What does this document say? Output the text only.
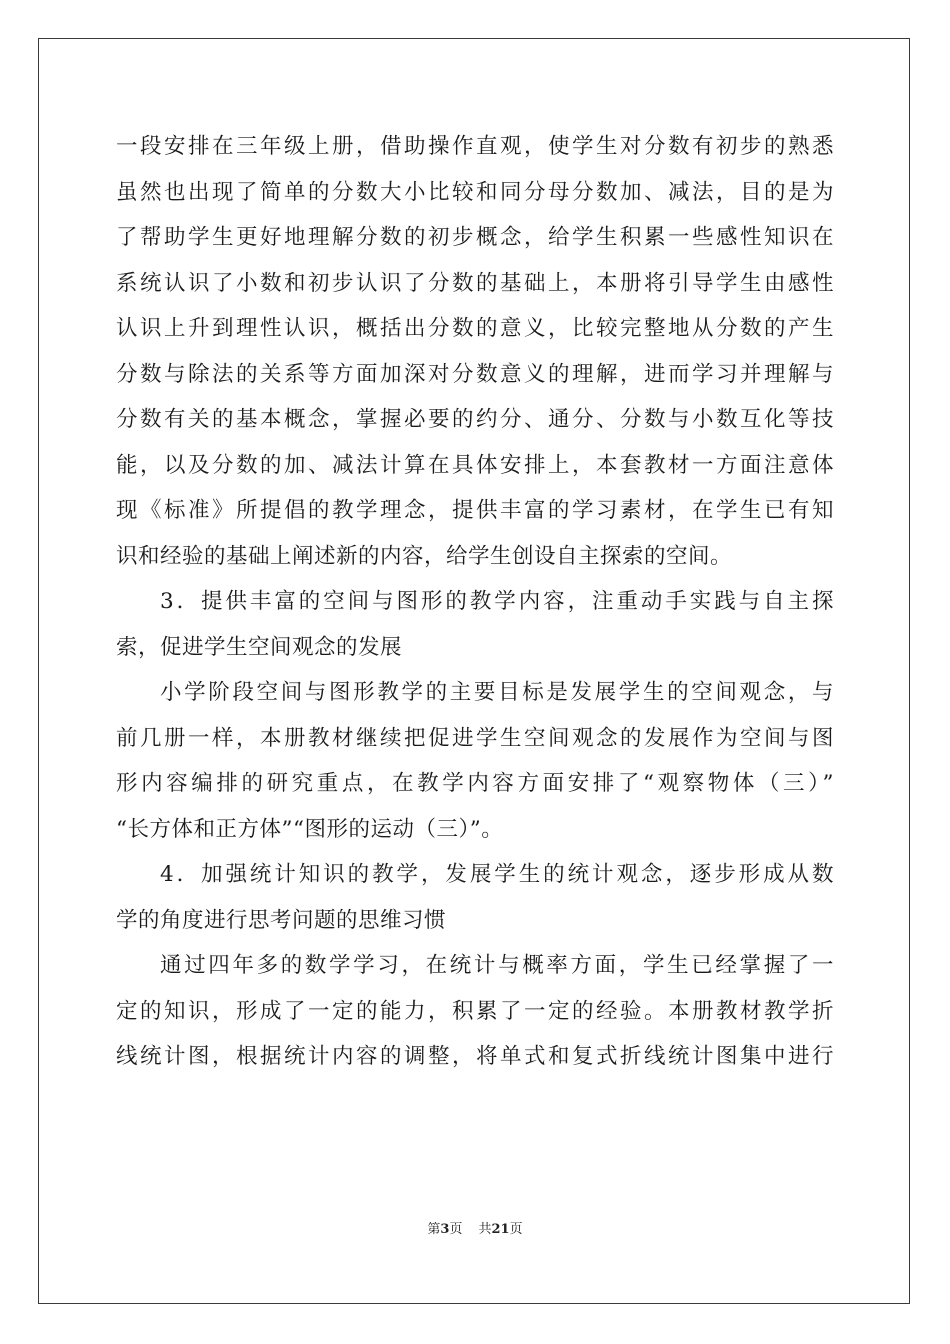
一段安排在三年级上册，借助操作直观，使学生对分数有初步的熟悉
虽然也出现了简单的分数大小比较和同分母分数加、减法，目的是为
了帮助学生更好地理解分数的初步概念，给学生积累一些感性知识在
系统认识了小数和初步认识了分数的基础上，本册将引导学生由感性
认识上升到理性认识，概括出分数的意义，比较完整地从分数的产生
分数与除法的关系等方面加深对分数意义的理解，进而学习并理解与
分数有关的基本概念，掌握必要的约分、通分、分数与小数互化等技
能，以及分数的加、减法计算在具体安排上，本套教材一方面注意体
现《标准》所提倡的教学理念，提供丰富的学习素材，在学生已有知
识和经验的基础上阐述新的内容，给学生创设自主探索的空间。
3．提供丰富的空间与图形的教学内容，注重动手实践与自主探
索，促进学生空间观念的发展
小学阶段空间与图形教学的主要目标是发展学生的空间观念，与
前几册一样，本册教材继续把促进学生空间观念的发展作为空间与图
形内容编排的研究重点，在教学内容方面安排了“观察物体（三）”
“长方体和正方体”“图形的运动（三）”。
4．加强统计知识的教学，发展学生的统计观念，逐步形成从数
学的角度进行思考问题的思维习惯
通过四年多的数学学习，在统计与概率方面，学生已经掌握了一
定的知识，形成了一定的能力，积累了一定的经验。本册教材教学折
线统计图，根据统计内容的调整，将单式和复式折线统计图集中进行
第3页 共21页
